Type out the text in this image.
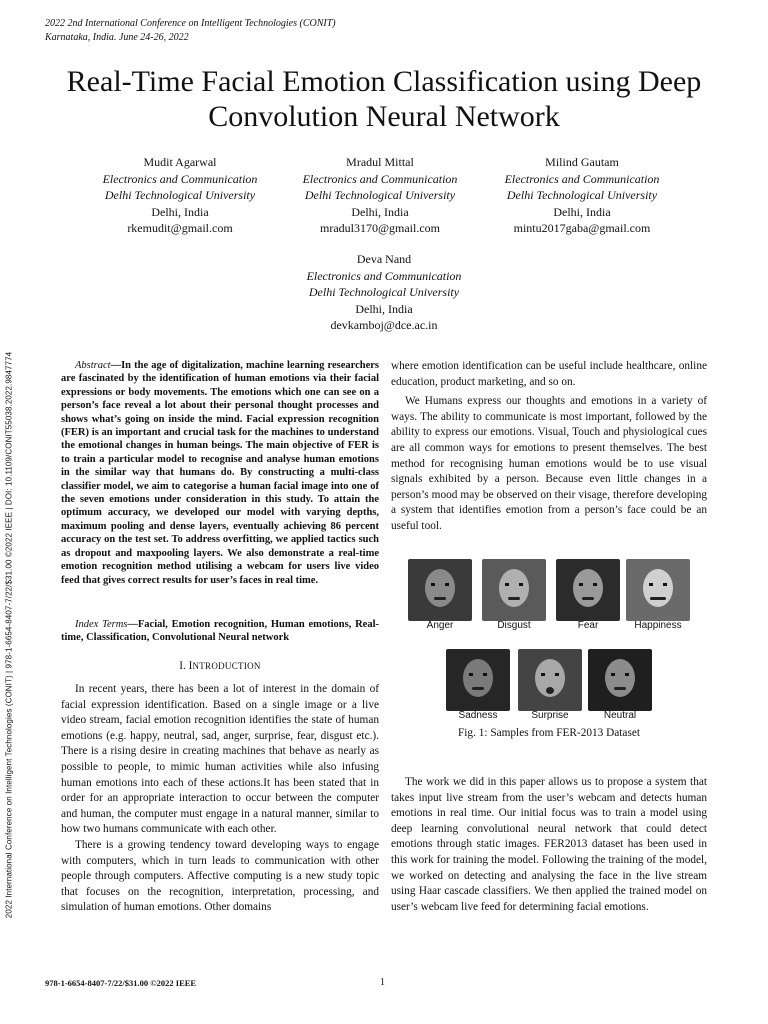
2022 2nd International Conference on Intelligent Technologies (CONIT)
Karnataka, India. June 24-26, 2022
2022 International Conference on Intelligent Technologies (CONIT) | 978-1-6654-8407-7/22/$31.00 ©2022 IEEE | DOI: 10.1109/CONIT55038.2022.9847774
Real-Time Facial Emotion Classification using Deep
Convolution Neural Network
Mudit Agarwal
Electronics and Communication
Delhi Technological University
Delhi, India
rkemudit@gmail.com
Mradul Mittal
Electronics and Communication
Delhi Technological University
Delhi, India
mradul3170@gmail.com
Milind Gautam
Electronics and Communication
Delhi Technological University
Delhi, India
mintu2017gaba@gmail.com
Deva Nand
Electronics and Communication
Delhi Technological University
Delhi, India
devkamboj@dce.ac.in

Abstract—In the age of digitalization, machine learning researchers are fascinated by the identification of human emotions via their facial expressions or body movements. The emotions which one can see on a person’s face reveal a lot about their personal thought processes and shows what’s going on inside the mind. Facial expression recognition (FER) is an important and crucial task for the machines to understand the emotional changes in human beings. The main objective of FER is to train a particular model to recognise and analyse human emotions in the similar way that humans do. By constructing a multi-class classifier model, we aim to categorise a human facial image into one of the seven emotions under consideration in this study. To attain the optimum accuracy, we developed our model with varying depths, maximum pooling and dense layers, eventually achieving 86 percent accuracy on the test set. To address overfitting, we applied tactics such as dropout and maxpooling layers. We also demonstrate a real-time emotion recognition method utilising a webcam for users live video feed that gives correct results for user’s faces in real time.

Index Terms—Facial, Emotion recognition, Human emotions, Real-time, Classification, Convolutional Neural network

I. INTRODUCTION

In recent years, there has been a lot of interest in the domain of facial expression identification. Based on a single image or a live video stream, facial emotion recognition identifies the state of human emotions (e.g. happy, neutral, sad, anger, surprise, fear, disgust etc.). There is a rising desire in creating machines that behave as nearly as possible to people, to mimic human activities while also infusing human emotions into each of these actions.It has been stated that in order for an appropriate interaction to occur between the computer and human, the computer must engage in a natural manner, similar to how two humans communicate with each other.

There is a growing tendency toward developing ways to engage with computers, which in turn leads to communication with other people through computers. Affective computing is a new study topic that focuses on the recognition, interpretation, processing, and simulation of human emotions. Other domains

where emotion identification can be useful include healthcare, online education, product marketing, and so on.

We Humans express our thoughts and emotions in a variety of ways. The ability to communicate is most important, followed by the ability to express our emotions. Visual, Touch and physiological cues are all common ways for emotions to present themselves. The best method for recognising human emotions would be to use visual signals exhibited by a person. Because even little changes in a person’s mood may be observed on their visage, therefore developing a system that identifies emotion from a person’s face could be an useful tool.

Anger	Disgust	Fear	Happiness
Sadness	Surprise	Neutral
Fig. 1: Samples from FER-2013 Dataset

The work we did in this paper allows us to propose a system that takes input live stream from the user’s webcam and detects human emotions in real time. Our initial focus was to train a model using deep learning convolutional neural network that could detect emotions through static images. FER2013 dataset has been used in this work for training the model. Following the training of the model, we worked on detecting and analysing the face in the live stream using Haar cascade classifiers. We then applied the trained model on user’s webcam live feed for determining facial emotions.

978-1-6654-8407-7/22/$31.00 ©2022 IEEE	1
